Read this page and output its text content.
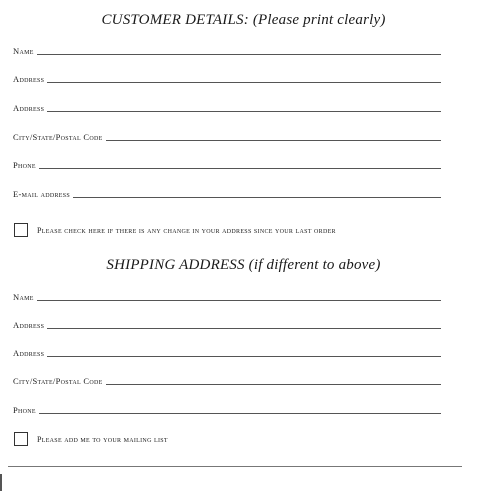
CUSTOMER DETAILS: (Please print clearly)
Name
Address
Address
City/State/Postal Code
Phone
E-mail address
Please check here if there is any change in your address since your last order
SHIPPING ADDRESS (if different to above)
Name
Address
Address
City/State/Postal Code
Phone
Please add me to your mailing list
